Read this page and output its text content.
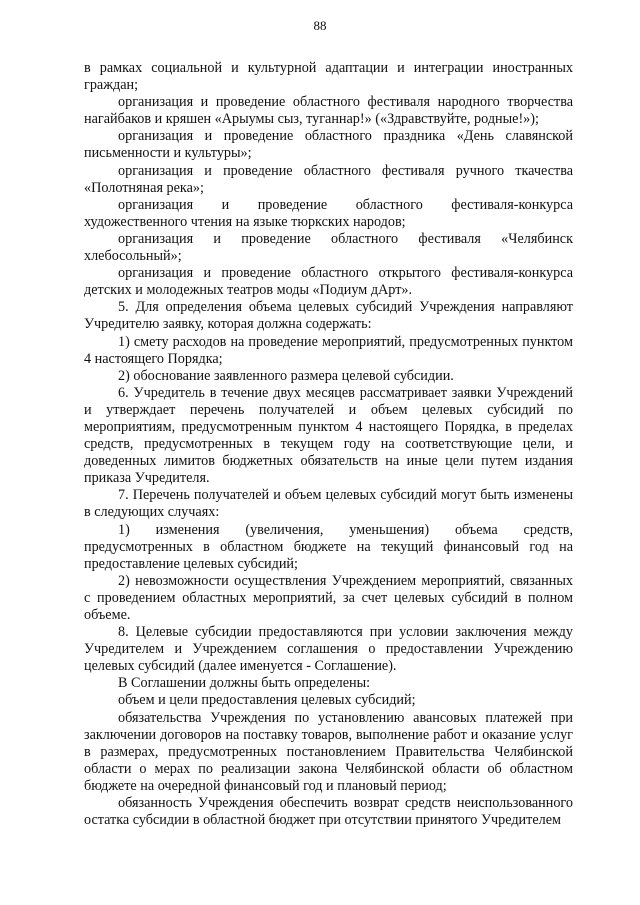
88

в рамках социальной и культурной адаптации и интеграции иностранных граждан;

организация и проведение областного фестиваля народного творчества нагайбаков и кряшен «Арыумы сыз, туганнар!» («Здравствуйте, родные!»);

организация и проведение областного праздника «День славянской письменности и культуры»;

организация и проведение областного фестиваля ручного ткачества «Полотняная река»;

организация и проведение областного фестиваля-конкурса художественного чтения на языке тюркских народов;

организация и проведение областного фестиваля «Челябинск хлебосольный»;

организация и проведение областного открытого фестиваля-конкурса детских и молодежных театров моды «Подиум дАрт».

5. Для определения объема целевых субсидий Учреждения направляют Учредителю заявку, которая должна содержать:

1) смету расходов на проведение мероприятий, предусмотренных пунктом 4 настоящего Порядка;

2) обоснование заявленного размера целевой субсидии.

6. Учредитель в течение двух месяцев рассматривает заявки Учреждений и утверждает перечень получателей и объем целевых субсидий по мероприятиям, предусмотренным пунктом 4 настоящего Порядка, в пределах средств, предусмотренных в текущем году на соответствующие цели, и доведенных лимитов бюджетных обязательств на иные цели путем издания приказа Учредителя.

7. Перечень получателей и объем целевых субсидий могут быть изменены в следующих случаях:

1) изменения (увеличения, уменьшения) объема средств, предусмотренных в областном бюджете на текущий финансовый год на предоставление целевых субсидий;

2) невозможности осуществления Учреждением мероприятий, связанных с проведением областных мероприятий, за счет целевых субсидий в полном объеме.

8. Целевые субсидии предоставляются при условии заключения между Учредителем и Учреждением соглашения о предоставлении Учреждению целевых субсидий (далее именуется - Соглашение).

В Соглашении должны быть определены:

объем и цели предоставления целевых субсидий;

обязательства Учреждения по установлению авансовых платежей при заключении договоров на поставку товаров, выполнение работ и оказание услуг в размерах, предусмотренных постановлением Правительства Челябинской области о мерах по реализации закона Челябинской области об областном бюджете на очередной финансовый год и плановый период;

обязанность Учреждения обеспечить возврат средств неиспользованного остатка субсидии в областной бюджет при отсутствии принятого Учредителем
